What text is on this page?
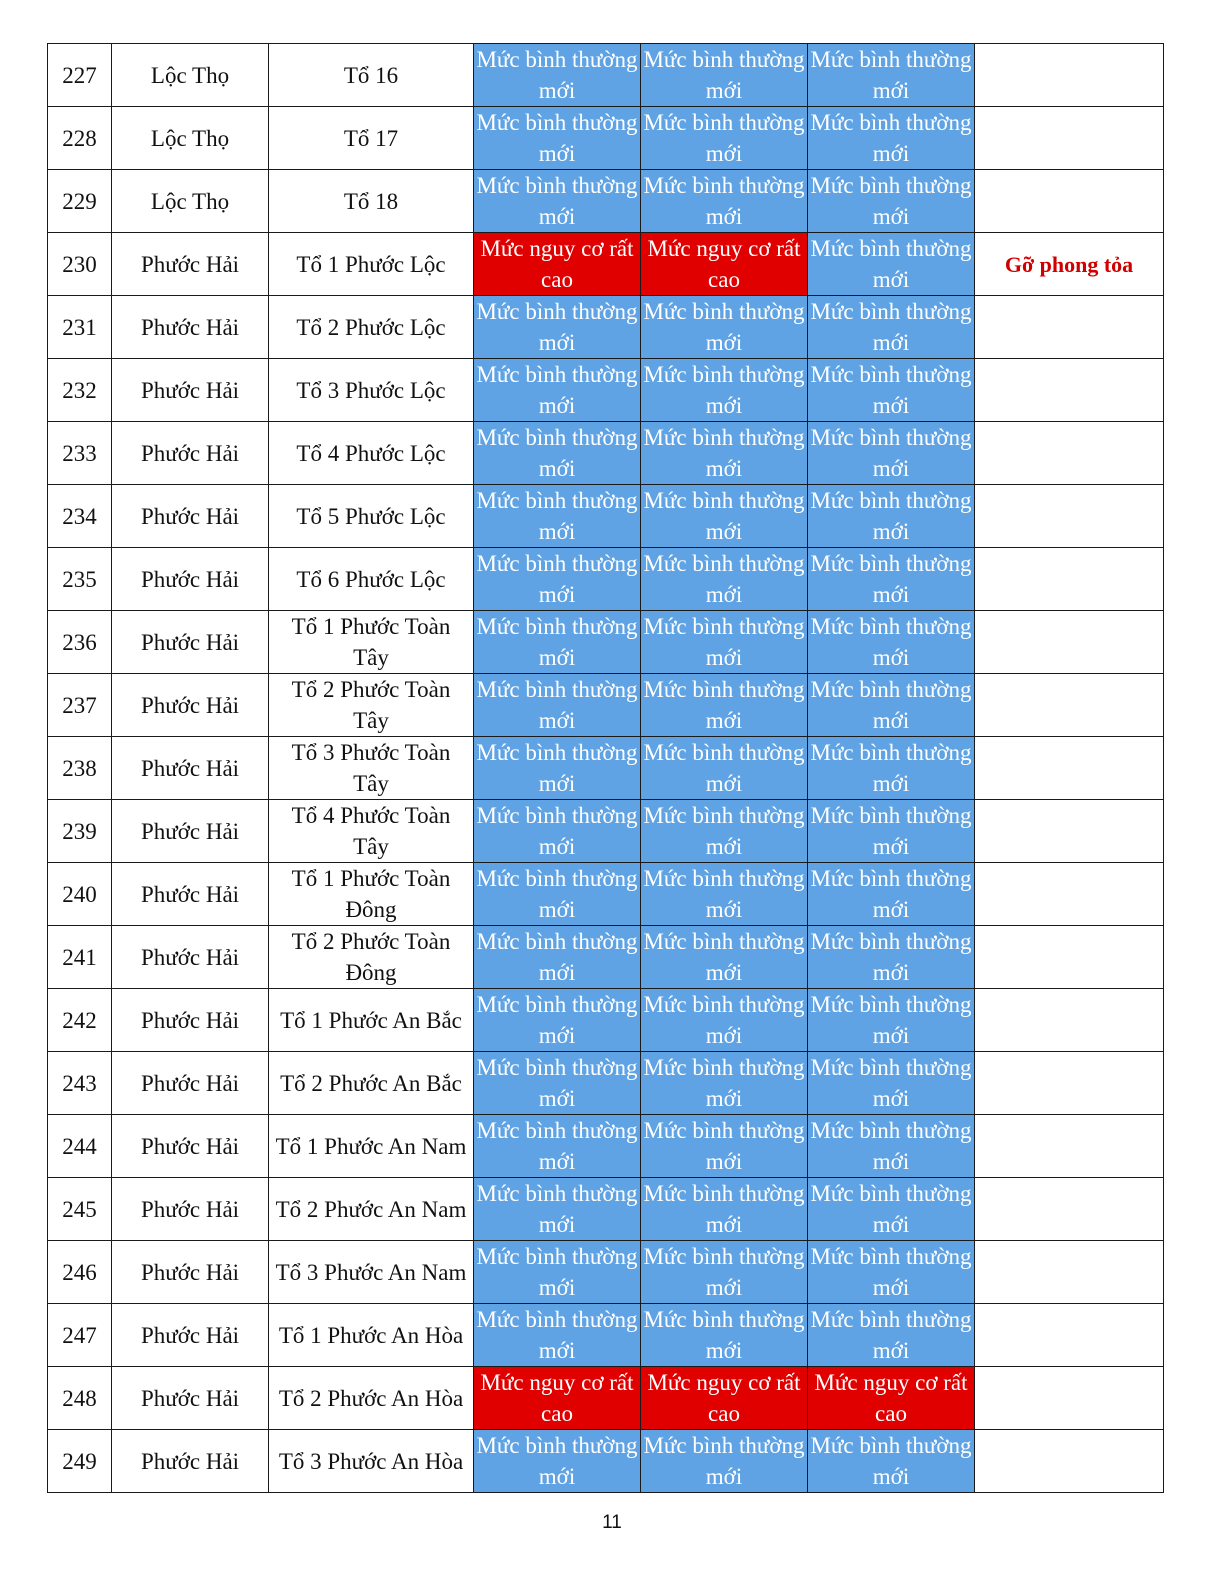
227	Lộc Thọ	Tổ 16	Mức bình thường mới	Mức bình thường mới	Mức bình thường mới	
228	Lộc Thọ	Tổ 17	Mức bình thường mới	Mức bình thường mới	Mức bình thường mới	
229	Lộc Thọ	Tổ 18	Mức bình thường mới	Mức bình thường mới	Mức bình thường mới	
230	Phước Hải	Tổ 1 Phước Lộc	Mức nguy cơ rất cao	Mức nguy cơ rất cao	Mức bình thường mới	Gỡ phong tỏa
231	Phước Hải	Tổ 2 Phước Lộc	Mức bình thường mới	Mức bình thường mới	Mức bình thường mới	
232	Phước Hải	Tổ 3 Phước Lộc	Mức bình thường mới	Mức bình thường mới	Mức bình thường mới	
233	Phước Hải	Tổ 4 Phước Lộc	Mức bình thường mới	Mức bình thường mới	Mức bình thường mới	
234	Phước Hải	Tổ 5 Phước Lộc	Mức bình thường mới	Mức bình thường mới	Mức bình thường mới	
235	Phước Hải	Tổ 6 Phước Lộc	Mức bình thường mới	Mức bình thường mới	Mức bình thường mới	
236	Phước Hải	Tổ 1 Phước Toàn Tây	Mức bình thường mới	Mức bình thường mới	Mức bình thường mới	
237	Phước Hải	Tổ 2 Phước Toàn Tây	Mức bình thường mới	Mức bình thường mới	Mức bình thường mới	
238	Phước Hải	Tổ 3 Phước Toàn Tây	Mức bình thường mới	Mức bình thường mới	Mức bình thường mới	
239	Phước Hải	Tổ 4 Phước Toàn Tây	Mức bình thường mới	Mức bình thường mới	Mức bình thường mới	
240	Phước Hải	Tổ 1 Phước Toàn Đông	Mức bình thường mới	Mức bình thường mới	Mức bình thường mới	
241	Phước Hải	Tổ 2 Phước Toàn Đông	Mức bình thường mới	Mức bình thường mới	Mức bình thường mới	
242	Phước Hải	Tổ 1 Phước An Bắc	Mức bình thường mới	Mức bình thường mới	Mức bình thường mới	
243	Phước Hải	Tổ 2 Phước An Bắc	Mức bình thường mới	Mức bình thường mới	Mức bình thường mới	
244	Phước Hải	Tổ 1 Phước An Nam	Mức bình thường mới	Mức bình thường mới	Mức bình thường mới	
245	Phước Hải	Tổ 2 Phước An Nam	Mức bình thường mới	Mức bình thường mới	Mức bình thường mới	
246	Phước Hải	Tổ 3 Phước An Nam	Mức bình thường mới	Mức bình thường mới	Mức bình thường mới	
247	Phước Hải	Tổ 1 Phước An Hòa	Mức bình thường mới	Mức bình thường mới	Mức bình thường mới	
248	Phước Hải	Tổ 2 Phước An Hòa	Mức nguy cơ rất cao	Mức nguy cơ rất cao	Mức nguy cơ rất cao	
249	Phước Hải	Tổ 3 Phước An Hòa	Mức bình thường mới	Mức bình thường mới	Mức bình thường mới	
11
